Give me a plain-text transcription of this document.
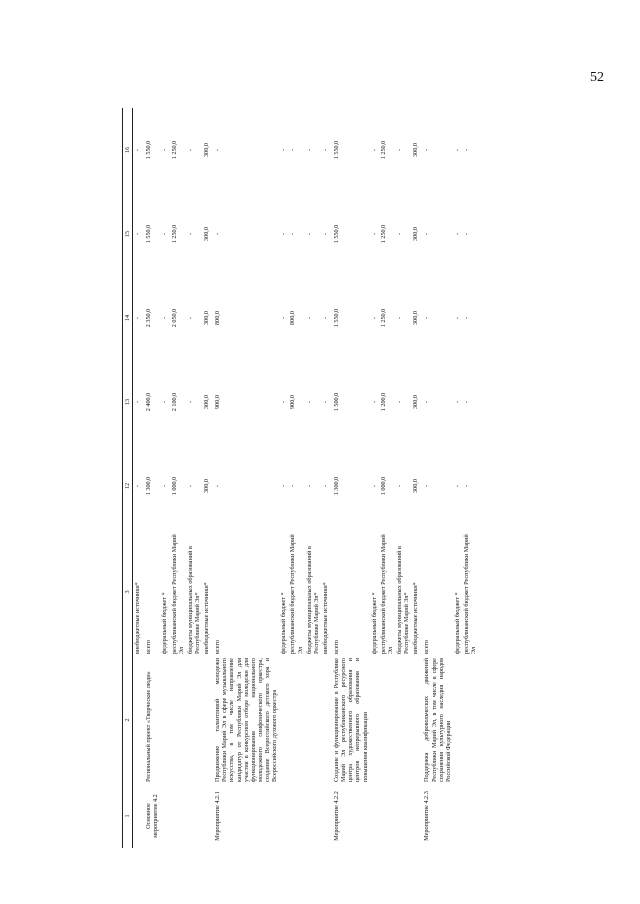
52
1	2	3	12	13	14	15	16
		внебюджетные источники*	-	-	-	-	-
Основное мероприятие 4.2	Региональный проект «Творческие люди»	всего	1 300,0	2 400,0	2 350,0	1 550,0	1 550,0
		федеральный бюджет *	-	-	-	-	-
		республиканский бюджет Республики Марий Эл	1 000,0	2 100,0	2 050,0	1 250,0	1 250,0
		бюджеты муниципальных образований в Республике Марий Эл*	-	-	-	-	-
		внебюджетные источники*	300,0	300,0	300,0	300,0	300,0
Мероприятие 4.2.1	Продвижение талантливой молодежи Республики Марий Эл в сфере музыкального искусства, в том числе направление кандидатур от Республики Марий Эл для участия в конкурсном отборе молодежи для функционирования национального молодежного симфонического оркестра, создание Всероссийского детского хора и Всероссийского духового оркестра	всего	-	900,0	800,0	-	-
		федеральный бюджет *	-	-	-	-	-
		республиканский бюджет Республики Марий Эл	-	900,0	800,0	-	-
		бюджеты муниципальных образований в Республике Марий Эл*	-	-	-	-	-
		внебюджетные источники*	-	-	-	-	-
Мероприятие 4.2.2	Создание и функционирование в Республике Марий Эл республиканского ресурсного центра художественного образования и центров непрерывного образования и повышения квалификации	всего	1 300,0	1 500,0	1 550,0	1 550,0	1 550,0
		федеральный бюджет *	-	-	-	-	-
		республиканский бюджет Республики Марий Эл	1 000,0	1 200,0	1 250,0	1 250,0	1 250,0
		бюджеты муниципальных образований в Республике Марий Эл*	-	-	-	-	-
		внебюджетные источники*	300,0	300,0	300,0	300,0	300,0
Мероприятие 4.2.3	Поддержка добровольческих движений Республики Марий Эл, в том числе в сфере сохранения культурного наследия народов Российской Федерации	всего	-	-	-	-	-
		федеральный бюджет *	-	-	-	-	-
		республиканский бюджет Республики Марий Эл	-	-	-	-	-
